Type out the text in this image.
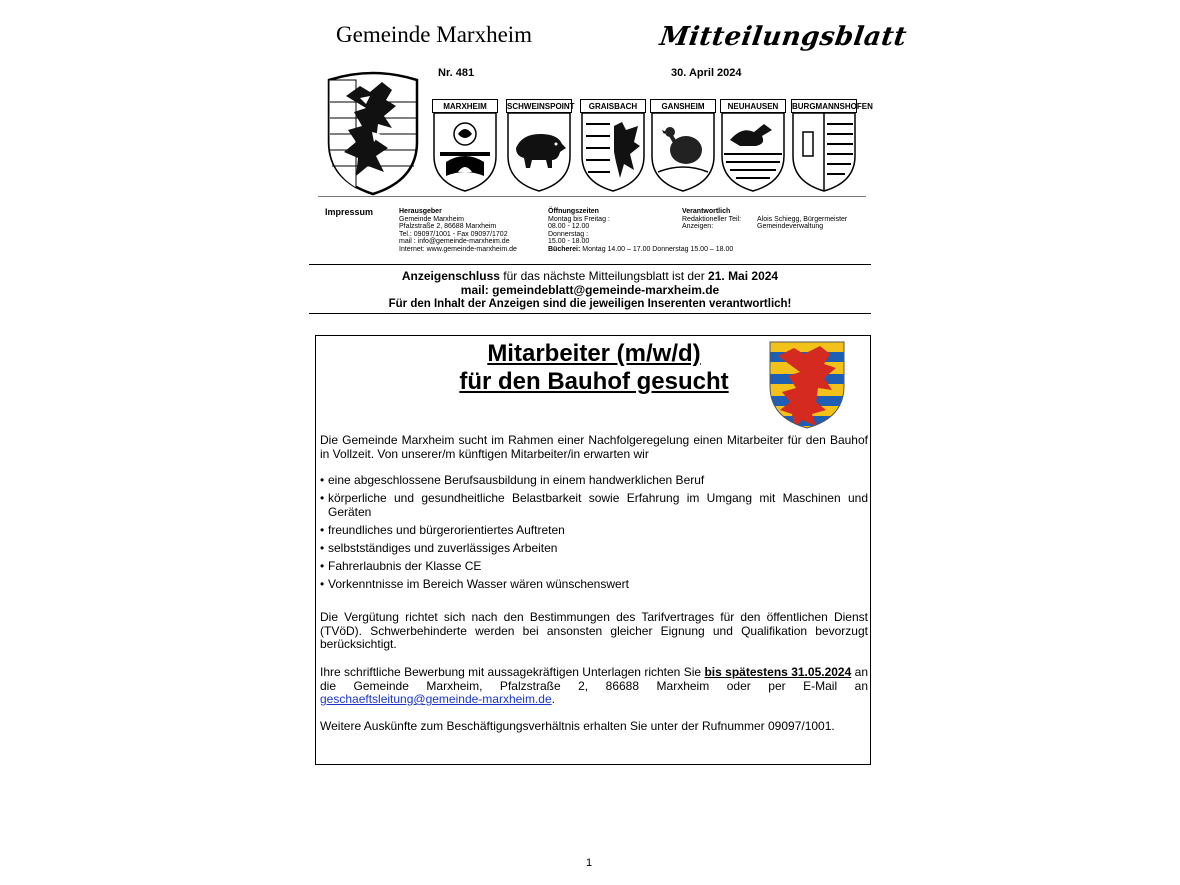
Gemeinde Marxheim	Mitteilungsblatt
Nr. 481	30. April 2024
MARXHEIM	SCHWEINSPOINT	GRAISBACH	GANSHEIM	NEUHAUSEN	BURGMANNSHOFEN
Impressum	Herausgeber
Gemeinde Marxheim
Pfalzstraße 2, 86688 Marxheim
Tel.: 09097/1001 - Fax 09097/1702
mail : info@gemeinde-marxheim.de
Internet: www.gemeinde-marxheim.de
Öffnungszeiten
Montag bis Freitag :
08.00 - 12.00
Donnerstag :
15.00 - 18.00
Bücherei: Montag 14.00 – 17.00 Donnerstag 15.00 – 18.00
Verantwortlich
Redaktioneller Teil:	Alois Schiegg, Bürgermeister
Anzeigen:	Gemeindeverwaltung
Anzeigenschluss für das nächste Mitteilungsblatt ist der 21. Mai 2024
mail: gemeindeblatt@gemeinde-marxheim.de
Für den Inhalt der Anzeigen sind die jeweiligen Inserenten verantwortlich!
Mitarbeiter (m/w/d)
für den Bauhof gesucht
Die Gemeinde Marxheim sucht im Rahmen einer Nachfolgeregelung einen Mitarbeiter für den Bauhof in Vollzeit. Von unserer/m künftigen Mitarbeiter/in erwarten wir
• eine abgeschlossene Berufsausbildung in einem handwerklichen Beruf
• körperliche und gesundheitliche Belastbarkeit sowie Erfahrung im Umgang mit Maschinen und Geräten
• freundliches und bürgerorientiertes Auftreten
• selbstständiges und zuverlässiges Arbeiten
• Fahrerlaubnis der Klasse CE
• Vorkenntnisse im Bereich Wasser wären wünschenswert
Die Vergütung richtet sich nach den Bestimmungen des Tarifvertrages für den öffentlichen Dienst (TVöD). Schwerbehinderte werden bei ansonsten gleicher Eignung und Qualifikation bevorzugt berücksichtigt.
Ihre schriftliche Bewerbung mit aussagekräftigen Unterlagen richten Sie bis spätestens 31.05.2024 an die Gemeinde Marxheim, Pfalzstraße 2, 86688 Marxheim oder per E-Mail an geschaeftsleitung@gemeinde-marxheim.de.
Weitere Auskünfte zum Beschäftigungsverhältnis erhalten Sie unter der Rufnummer 09097/1001.
1
